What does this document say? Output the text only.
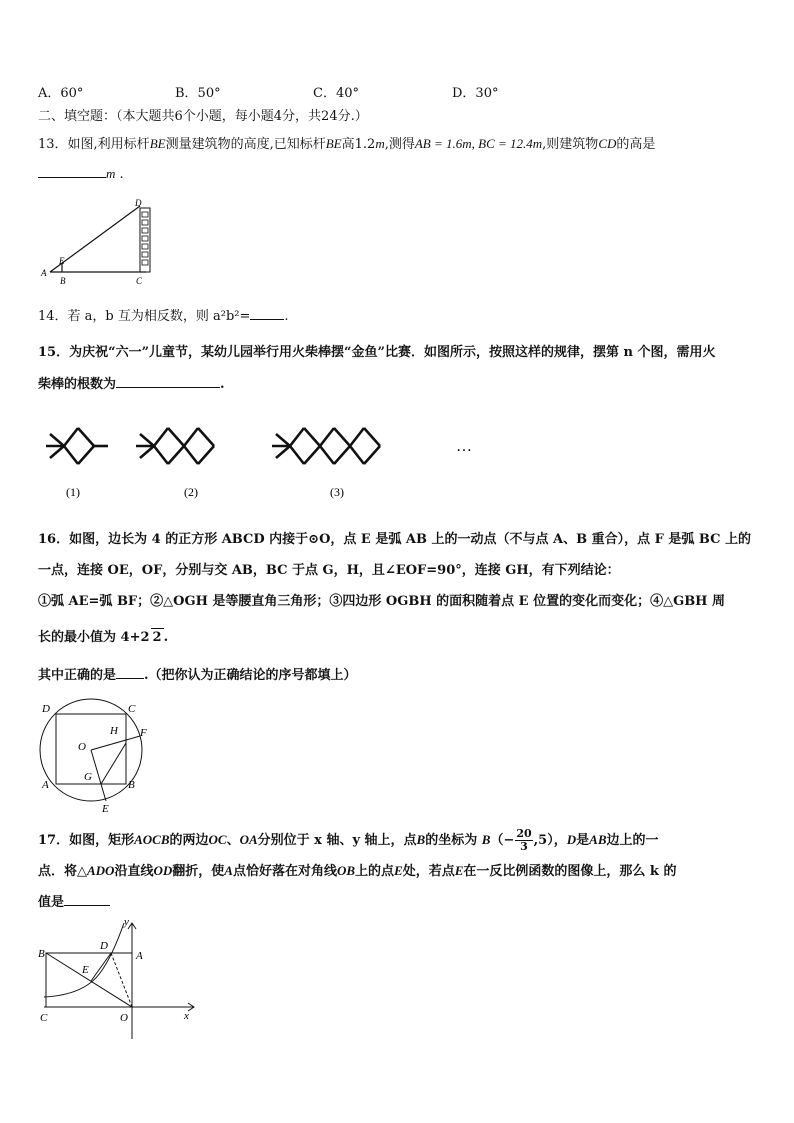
A．60°	B．50°	C．40°	D．30°
二、填空题：（本大题共6个小题，每小题4分，共24分.）
13．如图,利用标杆BE测量建筑物的高度,已知标杆BE高1.2m,测得AB = 1.6m, BC = 12.4m,则建筑物CD的高是
m .
A
B	C
D
E
14．若 a，b 互为相反数，则 a²b²=	.
15．为庆祝“六一”儿童节，某幼儿园举行用火柴棒摆“金鱼”比赛．如图所示，按照这样的规律，摆第 n 个图，需用火
柴棒的根数为	.
…
(1)	(2)	(3)
16．如图，边长为 4 的正方形 ABCD 内接于⊙O，点 E 是弧 AB 上的一动点（不与点 A、B 重合），点 F 是弧 BC 上的
一点，连接 OE，OF，分别与交 AB，BC 于点 G，H，且∠EOF=90°，连接 GH，有下列结论：
①弧 AE=弧 BF；②△OGH 是等腰直角三角形；③四边形 OGBH 的面积随着点 E 位置的变化而变化；④△GBH 周
长的最小值为 4+2 2 .
其中正确的是 .（把你认为正确结论的序号都填上）
D	C
A	B
E
F
G
H
O
17．如图，矩形AOCB的两边OC、OA分别位于 x 轴、y 轴上，点B的坐标为 $B(- \frac{20}{3} ,5)$，D是AB边上的一
点．将△ADO沿直线OD翻折，使A点恰好落在对角线OB上的点E处，若点E在一反比例函数的图像上，那么 k 的
值是
B	A
D
E
C	O	x
y
